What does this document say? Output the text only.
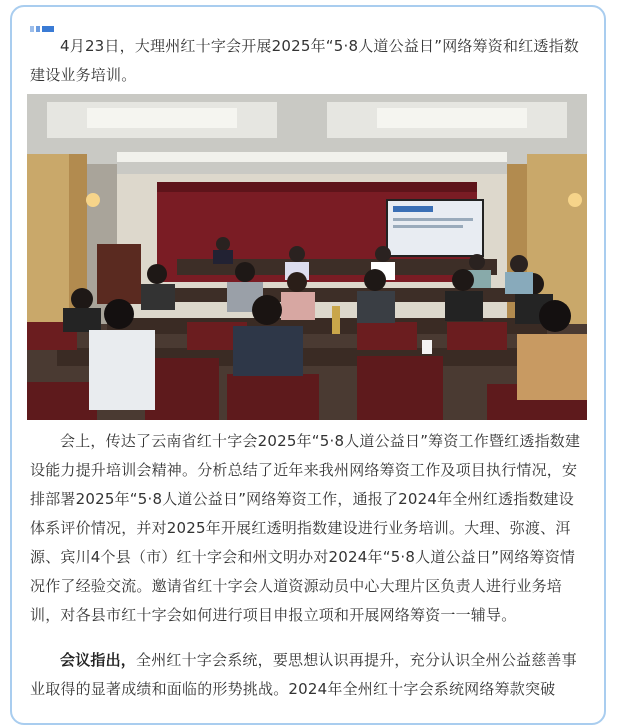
4月23日，大理州红十字会开展2025年“5·8人道公益日”网络筹资和红透指数建设业务培训。

会上，传达了云南省红十字会2025年“5·8人道公益日”筹资工作暨红透指数建设能力提升培训会精神。分析总结了近年来我州网络筹资工作及项目执行情况，安排部署2025年“5·8人道公益日”网络筹资工作，通报了2024年全州红透指数建设体系评价情况，并对2025年开展红透明指数建设进行业务培训。大理、弥渡、洱源、宾川4个县（市）红十字会和州文明办对2024年“5·8人道公益日”网络筹资情况作了经验交流。邀请省红十字会人道资源动员中心大理片区负责人进行业务培训，对各县市红十字会如何进行项目申报立项和开展网络筹资一一辅导。

会议指出，全州红十字会系统，要思想认识再提升，充分认识全州公益慈善事业取得的显著成绩和面临的形势挑战。2024年全州红十字会系统网络筹款突破
